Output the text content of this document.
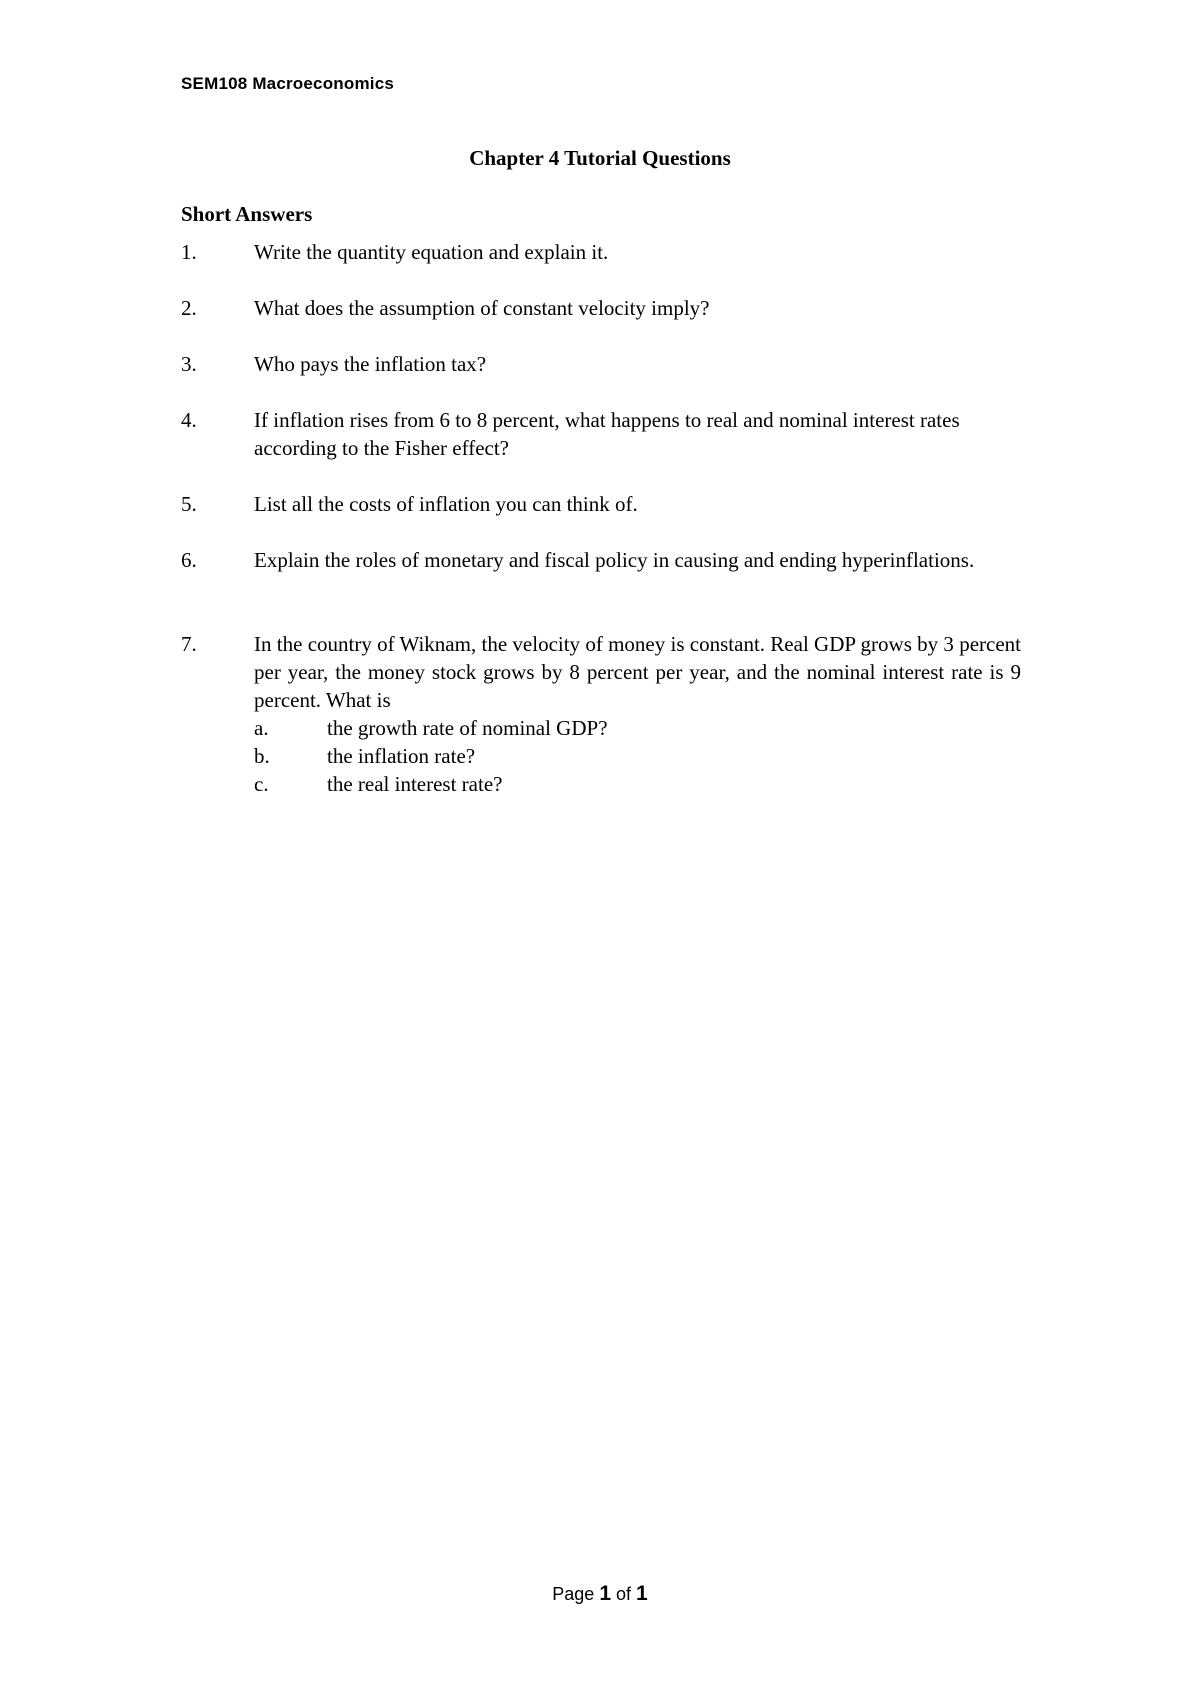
SEM108 Macroeconomics
Chapter 4 Tutorial Questions
Short Answers
1.	Write the quantity equation and explain it.
2.	What does the assumption of constant velocity imply?
3.	Who pays the inflation tax?
4.	If inflation rises from 6 to 8 percent, what happens to real and nominal interest rates according to the Fisher effect?
5.	List all the costs of inflation you can think of.
6.	Explain the roles of monetary and fiscal policy in causing and ending hyperinflations.
7.	In the country of Wiknam, the velocity of money is constant. Real GDP grows by 3 percent per year, the money stock grows by 8 percent per year, and the nominal interest rate is 9 percent. What is
a.	the growth rate of nominal GDP?
b.	the inflation rate?
c.	the real interest rate?
Page 1 of 1
